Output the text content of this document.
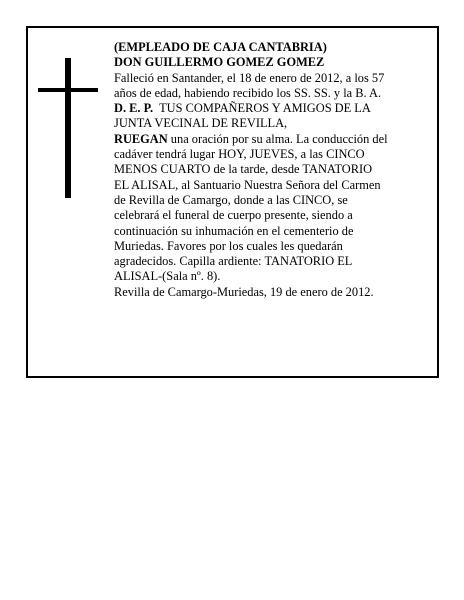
(EMPLEADO DE CAJA CANTABRIA)

DON GUILLERMO GOMEZ GOMEZ

Falleció en Santander, el 18 de enero de 2012, a los 57

años de edad, habiendo recibido los SS. SS. y la B. A.

D. E. P.  TUS COMPAÑEROS Y AMIGOS DE LA

JUNTA VECINAL DE REVILLA,

RUEGAN una oración por su alma. La conducción del

cadáver tendrá lugar HOY, JUEVES, a las CINCO

MENOS CUARTO de la tarde, desde TANATORIO

EL ALISAL, al Santuario Nuestra Señora del Carmen

de Revilla de Camargo, donde a las CINCO, se

celebrará el funeral de cuerpo presente, siendo a

continuación su inhumación en el cementerio de

Muriedas. Favores por los cuales les quedarán

agradecidos. Capilla ardiente: TANATORIO EL

ALISAL-(Sala nº. 8).

Revilla de Camargo-Muriedas, 19 de enero de 2012.
